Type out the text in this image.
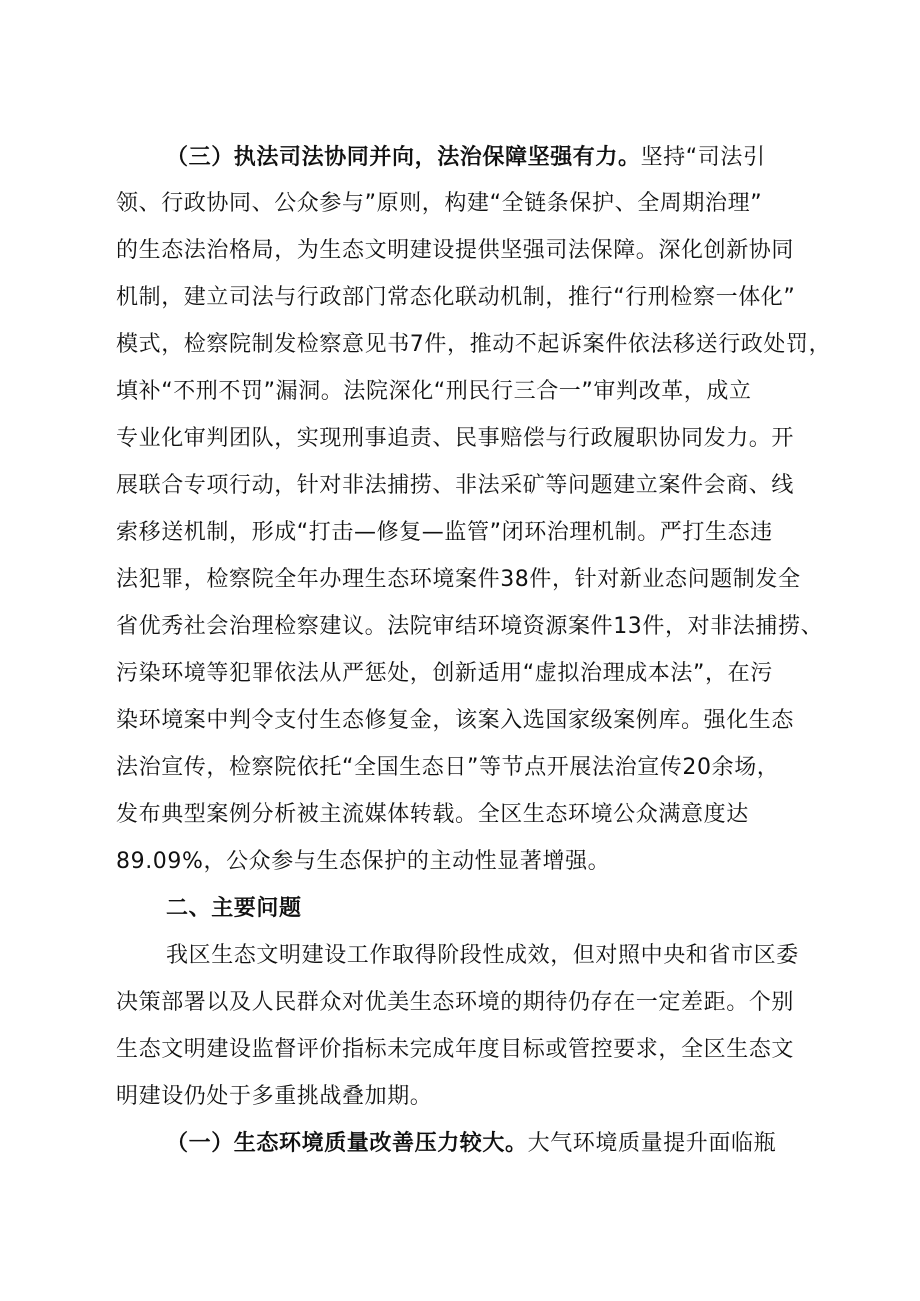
（三）执法司法协同并向，法治保障坚强有力。坚持“司法引
领、行政协同、公众参与”原则，构建“全链条保护、全周期治理”
的生态法治格局，为生态文明建设提供坚强司法保障。深化创新协同
机制，建立司法与行政部门常态化联动机制，推行“行刑检察一体化”
模式，检察院制发检察意见书7件，推动不起诉案件依法移送行政处罚，
填补“不刑不罚”漏洞。法院深化“刑民行三合一”审判改革，成立
专业化审判团队，实现刑事追责、民事赔偿与行政履职协同发力。开
展联合专项行动，针对非法捕捞、非法采矿等问题建立案件会商、线
索移送机制，形成“打击—修复—监管”闭环治理机制。严打生态违
法犯罪，检察院全年办理生态环境案件38件，针对新业态问题制发全
省优秀社会治理检察建议。法院审结环境资源案件13件，对非法捕捞、
污染环境等犯罪依法从严惩处，创新适用“虚拟治理成本法”，在污
染环境案中判令支付生态修复金，该案入选国家级案例库。强化生态
法治宣传，检察院依托“全国生态日”等节点开展法治宣传20余场，
发布典型案例分析被主流媒体转载。全区生态环境公众满意度达
89.09%，公众参与生态保护的主动性显著增强。
二、主要问题
我区生态文明建设工作取得阶段性成效，但对照中央和省市区委
决策部署以及人民群众对优美生态环境的期待仍存在一定差距。个别
生态文明建设监督评价指标未完成年度目标或管控要求，全区生态文
明建设仍处于多重挑战叠加期。
（一）生态环境质量改善压力较大。大气环境质量提升面临瓶
